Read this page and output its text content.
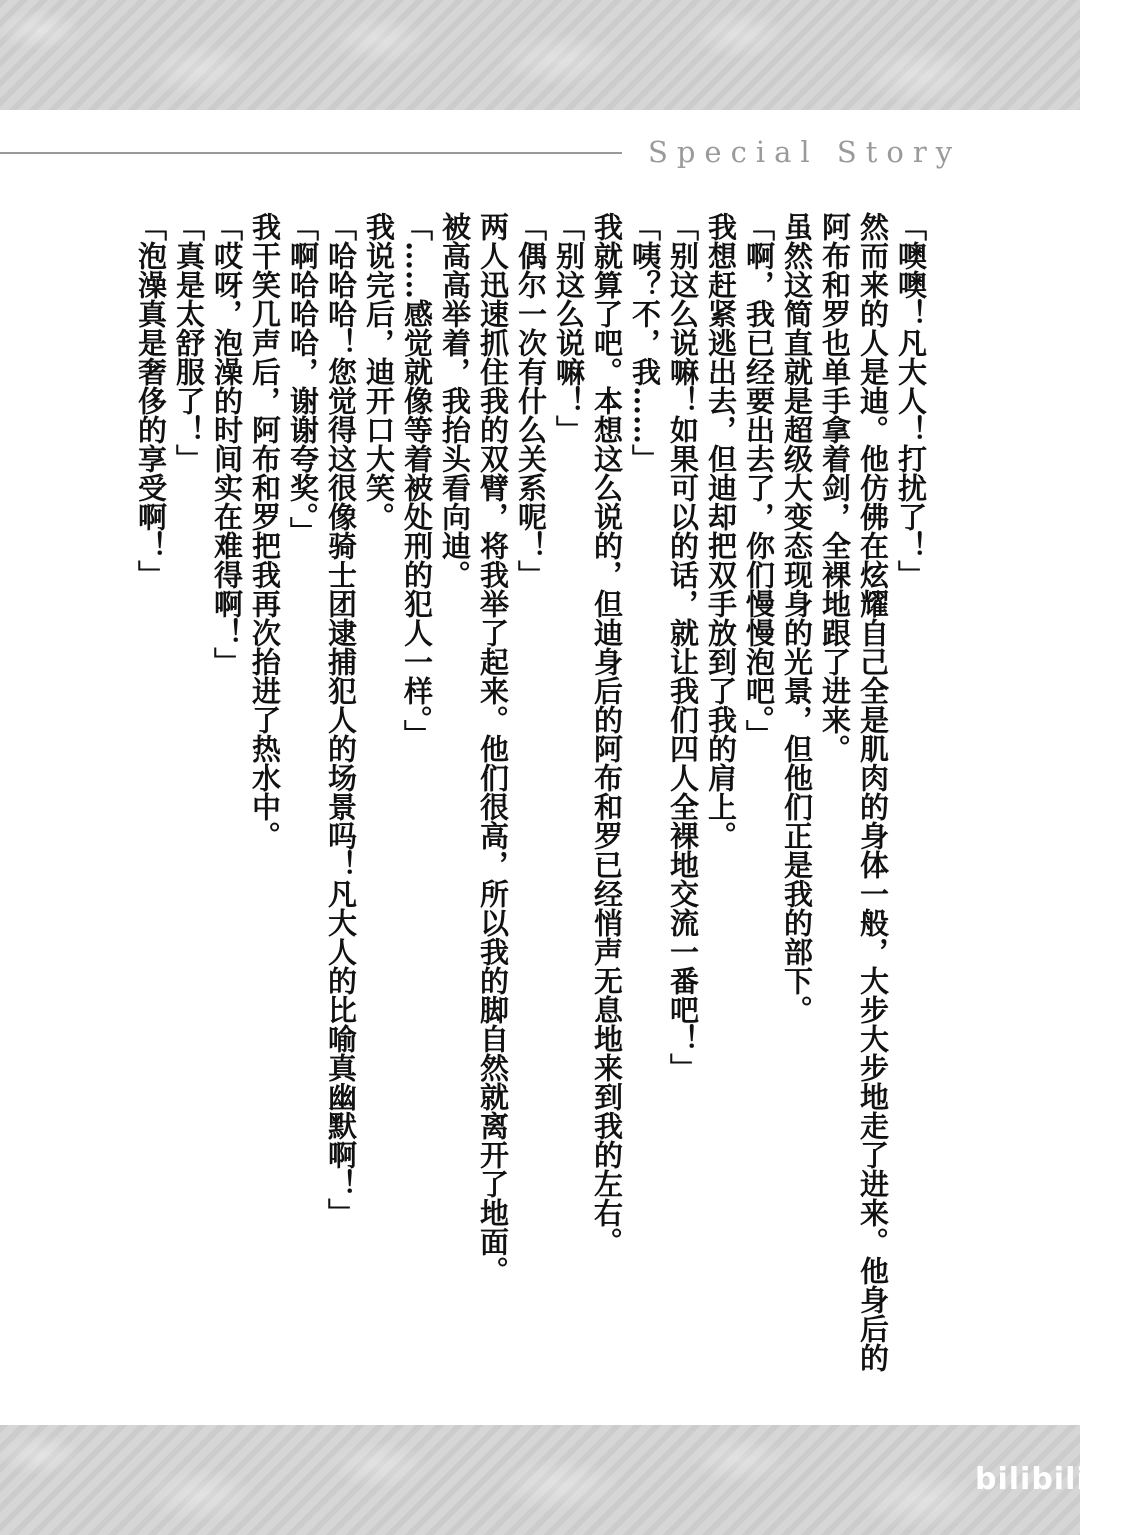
Special Story
「噢噢！凡大人！打扰了！」
然而来的人是迪。他仿佛在炫耀自己全是肌肉的身体一般，大步大步地走了进来。他身后的阿布和罗也单手拿着剑，全裸地跟了进来。
虽然这简直就是超级大变态现身的光景，但他们正是我的部下。
「啊，我已经要出去了，你们慢慢泡吧。」
我想赶紧逃出去，但迪却把双手放到了我的肩上。
「别这么说嘛！如果可以的话，就让我们四人全裸地交流一番吧！」
「咦？不，我……」
我就算了吧。本想这么说的，但迪身后的阿布和罗已经悄声无息地来到我的左右。
「别这么说嘛！」
「偶尔一次有什么关系呢！」
两人迅速抓住我的双臂，将我举了起来。他们很高，所以我的脚自然就离开了地面。
被高高举着，我抬头看向迪。
「……感觉就像等着被处刑的犯人一样。」
我说完后，迪开口大笑。
「哈哈哈！您觉得这很像骑士团逮捕犯人的场景吗！凡大人的比喻真幽默啊！」
「啊哈哈哈，谢谢夸奖。」
我干笑几声后，阿布和罗把我再次抬进了热水中。
「哎呀，泡澡的时间实在难得啊！」
「真是太舒服了！」
「泡澡真是奢侈的享受啊！」
bilibili 漫画
